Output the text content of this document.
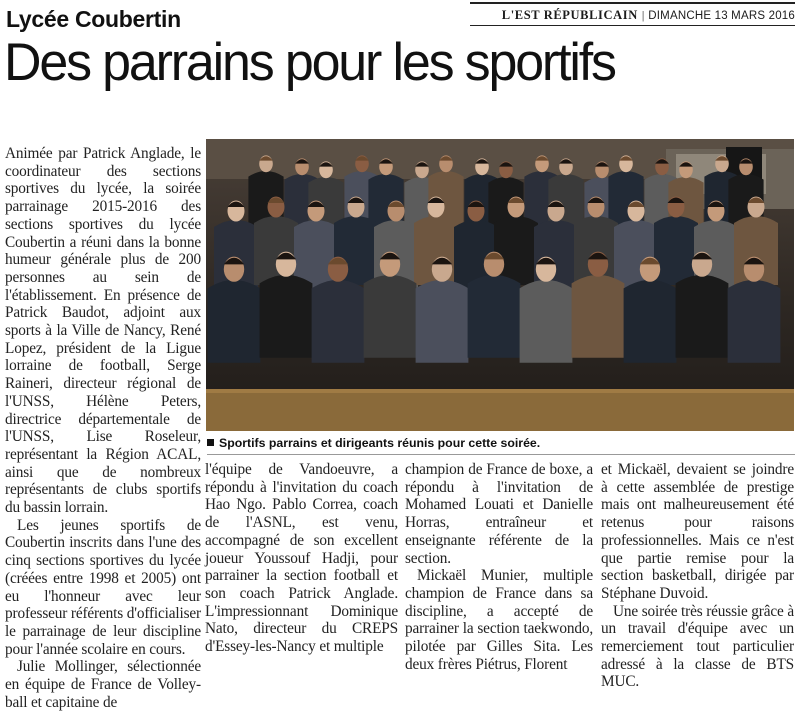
Lycée Coubertin	L'EST RÉPUBLICAIN | DIMANCHE 13 MARS 2016
Des parrains pour les sportifs

Animée par Patrick Anglade, le coordinateur des sections sportives du lycée, la soirée parrainage 2015-2016 des sections sportives du lycée Coubertin a réuni dans la bonne humeur générale plus de 200 personnes au sein de l'établissement. En présence de Patrick Baudot, adjoint aux sports à la Ville de Nancy, René Lopez, président de la Ligue lorraine de football, Serge Raineri, directeur régional de l'UNSS, Hélène Peters, directrice départementale de l'UNSS, Lise Roseleur, représentant la Région ACAL, ainsi que de nombreux représentants de clubs sportifs du bassin lorrain.

Les jeunes sportifs de Coubertin inscrits dans l'une des cinq sections sportives du lycée (créées entre 1998 et 2005) ont eu l'honneur avec leur professeur référents d'officialiser le parrainage de leur discipline pour l'année scolaire en cours.

Julie Mollinger, sélectionnée en équipe de France de Volley-ball et capitaine de

Sportifs parrains et dirigeants réunis pour cette soirée.

l'équipe de Vandoeuvre, a répondu à l'invitation du coach Hao Ngo. Pablo Correa, coach de l'ASNL, est venu, accompagné de son excellent joueur Youssouf Hadji, pour parrainer la section football et son coach Patrick Anglade. L'impressionnant Dominique Nato, directeur du CREPS d'Essey-les-Nancy et multiple

champion de France de boxe, a répondu à l'invitation de Mohamed Louati et Danielle Horras, entraîneur et enseignante référente de la section.

Mickaël Munier, multiple champion de France dans sa discipline, a accepté de parrainer la section taekwondo, pilotée par Gilles Sita. Les deux frères Piétrus, Florent

et Mickaël, devaient se joindre à cette assemblée de prestige mais ont malheureusement été retenus pour raisons professionnelles. Mais ce n'est que partie remise pour la section basketball, dirigée par Stéphane Duvoid.

Une soirée très réussie grâce à un travail d'équipe avec un remerciement tout particulier adressé à la classe de BTS MUC.
